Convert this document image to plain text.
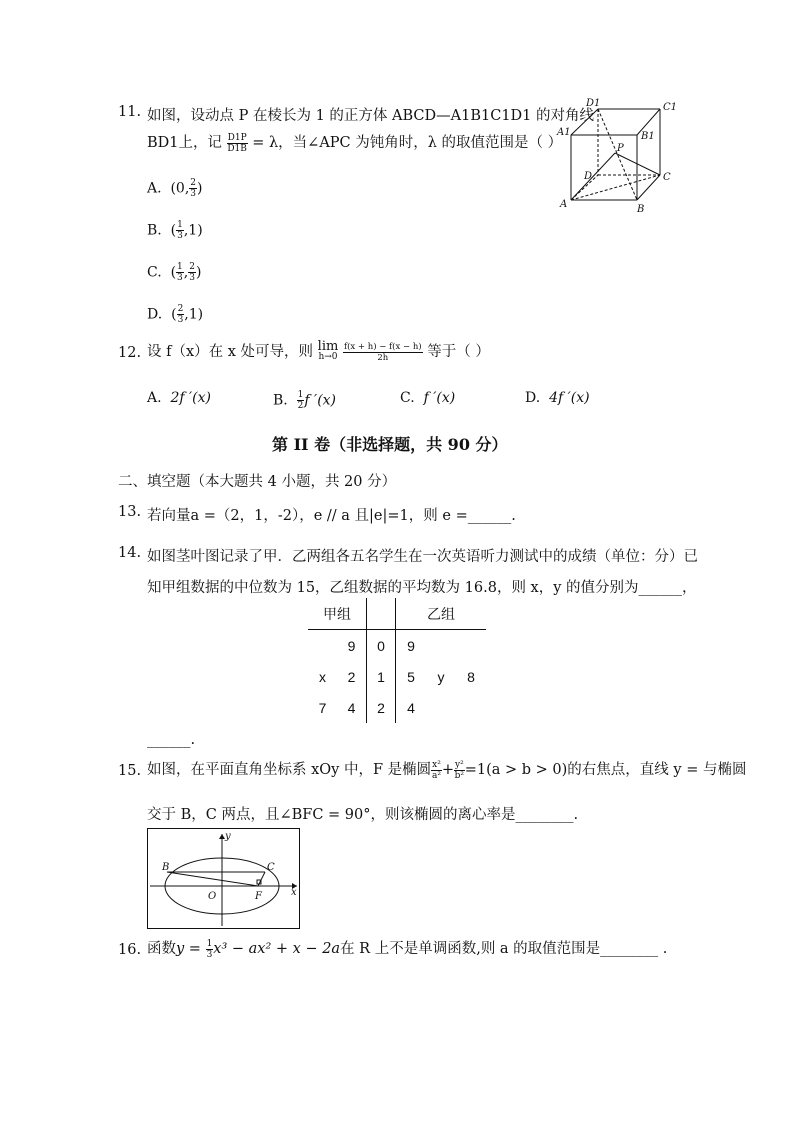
11. 如图，设动点 P 在棱长为 1 的正方体 ABCD—A1B1C1D1 的对角线
BD1上，记 $\frac{D1P}{D1B} = \lambda$，当∠APC 为钝角时，λ 的取值范围是（ ）
A. (0, $\frac{2}{3}$ )
B. ( $\frac{1}{3} ,1$)
C. ( $\frac{1}{3}$ , $\frac{2}{3}$ )
D. ( $\frac{2}{3} ,1$)
D1	C1
A1	B1
P
D	C
A	B
12. 设 f（x）在 x 处可导，则 lim
h→0
$\frac{f(x + h) - f(x - h)}{2h}$ 等于（ ）
A. 2f ′(x)	B. $\frac{1}{2}$ f ′(x)	C. f ′(x)	D. 4f ′(x)
第 II 卷（非选择题，共 90 分）
二、填空题（本大题共 4 小题，共 20 分）
13. 若向量a =（2，1，-2），e // a 且|e|=1，则 e =______.
14. 如图茎叶图记录了甲．乙两组各五名学生在一次英语听力测试中的成绩（单位：分）已
知甲组数据的中位数为 15，乙组数据的平均数为 16.8，则 x，y 的值分别为______，
甲组			乙组		
	9	0	9		
x	2	1	5	y	8
7	4	2	4		
______.
15. 如图，在平面直角坐标系 xOy 中，F 是椭圆 $\frac{\text{x²}}{\text{a²}} + \frac{\text{y²}}{\text{b²}} =1(a > b > 0)$的右焦点，直线 y = 与椭圆
交于 B，C 两点，且∠BFC = 90°，则该椭圆的离心率是________.
y
x
B	C
O	F
16. 函数$y = \frac{1}{3} x^3 - ax^2 + x - 2a$在 R 上不是单调函数,则 a 的取值范围是________ .
